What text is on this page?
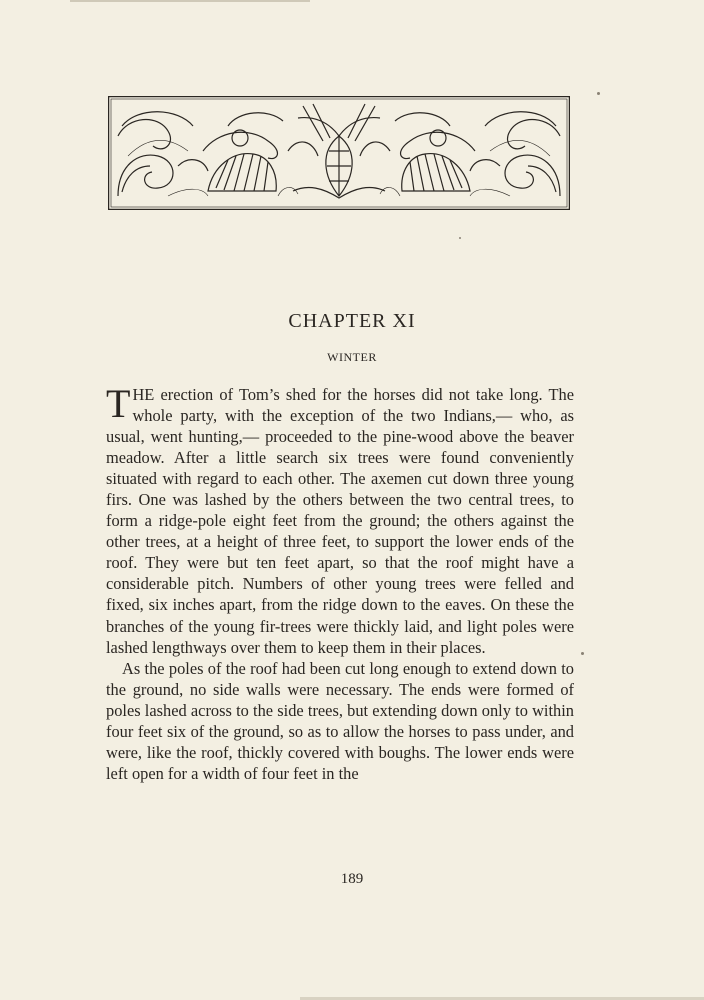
CHAPTER XI
WINTER

THE erection of Tom’s shed for the horses did not take long. The whole party, with the exception of the two Indians,— who, as usual, went hunting,— proceeded to the pine-wood above the beaver meadow. After a little search six trees were found conveniently situated with regard to each other. The axemen cut down three young firs. One was lashed by the others between the two central trees, to form a ridge-pole eight feet from the ground; the others against the other trees, at a height of three feet, to support the lower ends of the roof. They were but ten feet apart, so that the roof might have a considerable pitch. Numbers of other young trees were felled and fixed, six inches apart, from the ridge down to the eaves. On these the branches of the young fir-trees were thickly laid, and light poles were lashed lengthways over them to keep them in their places.

As the poles of the roof had been cut long enough to extend down to the ground, no side walls were necessary. The ends were formed of poles lashed across to the side trees, but extending down only to within four feet six of the ground, so as to allow the horses to pass under, and were, like the roof, thickly covered with boughs. The lower ends were left open for a width of four feet in the

189
